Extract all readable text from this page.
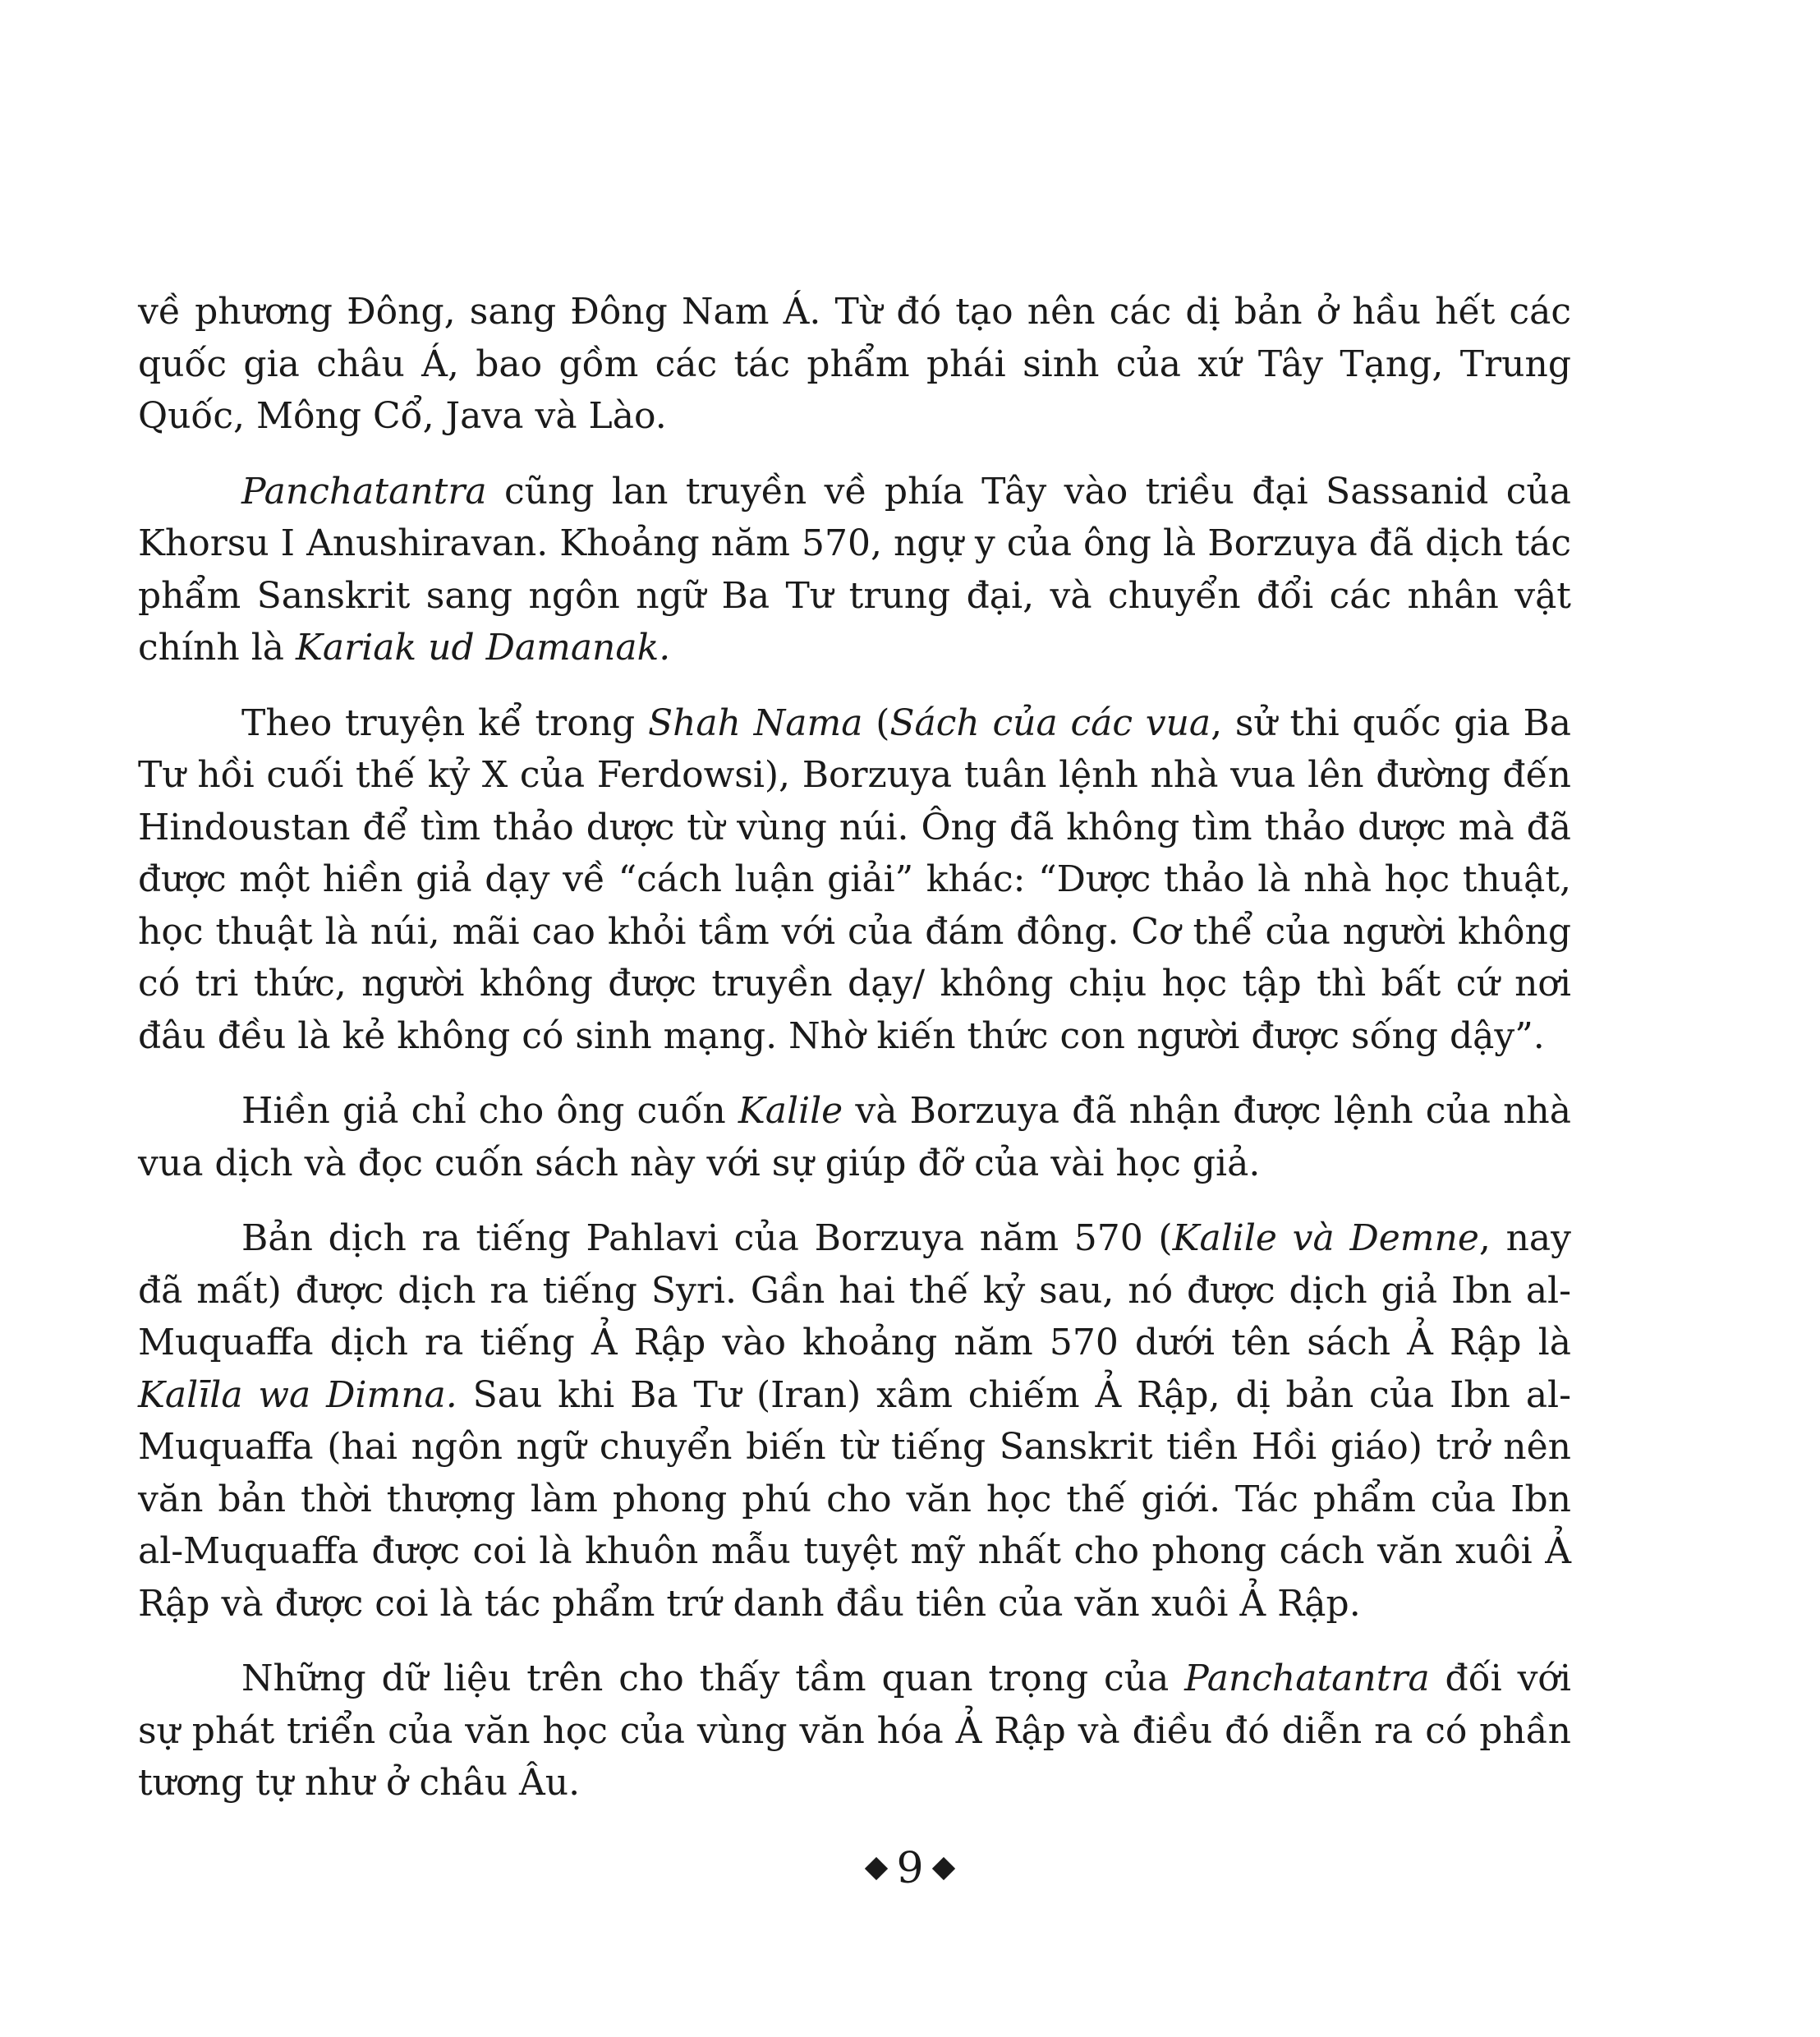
về phương Đông, sang Đông Nam Á. Từ đó tạo nên các dị bản ở hầu hết các quốc gia châu Á, bao gồm các tác phẩm phái sinh của xứ Tây Tạng, Trung Quốc, Mông Cổ, Java và Lào.

Panchatantra cũng lan truyền về phía Tây vào triều đại Sassanid của Khorsu I Anushiravan. Khoảng năm 570, ngự y của ông là Borzuya đã dịch tác phẩm Sanskrit sang ngôn ngữ Ba Tư trung đại, và chuyển đổi các nhân vật chính là Kariak ud Damanak.

Theo truyện kể trong Shah Nama (Sách của các vua, sử thi quốc gia Ba Tư hồi cuối thế kỷ X của Ferdowsi), Borzuya tuân lệnh nhà vua lên đường đến Hindoustan để tìm thảo dược từ vùng núi. Ông đã không tìm thảo dược mà đã được một hiền giả dạy về “cách luận giải” khác: “Dược thảo là nhà học thuật, học thuật là núi, mãi cao khỏi tầm với của đám đông. Cơ thể của người không có tri thức, người không được truyền dạy/ không chịu học tập thì bất cứ nơi đâu đều là kẻ không có sinh mạng. Nhờ kiến thức con người được sống dậy”.

Hiền giả chỉ cho ông cuốn Kalile và Borzuya đã nhận được lệnh của nhà vua dịch và đọc cuốn sách này với sự giúp đỡ của vài học giả.

Bản dịch ra tiếng Pahlavi của Borzuya năm 570 (Kalile và Demne, nay đã mất) được dịch ra tiếng Syri. Gần hai thế kỷ sau, nó được dịch giả Ibn al-Muquaffa dịch ra tiếng Ả Rập vào khoảng năm 570 dưới tên sách Ả Rập là Kalīla wa Dimna. Sau khi Ba Tư (Iran) xâm chiếm Ả Rập, dị bản của Ibn al-Muquaffa (hai ngôn ngữ chuyển biến từ tiếng Sanskrit tiền Hồi giáo) trở nên văn bản thời thượng làm phong phú cho văn học thế giới. Tác phẩm của Ibn al-Muquaffa được coi là khuôn mẫu tuyệt mỹ nhất cho phong cách văn xuôi Ả Rập và được coi là tác phẩm trứ danh đầu tiên của văn xuôi Ả Rập.

Những dữ liệu trên cho thấy tầm quan trọng của Panchatantra đối với sự phát triển của văn học của vùng văn hóa Ả Rập và điều đó diễn ra có phần tương tự như ở châu Âu.

9
